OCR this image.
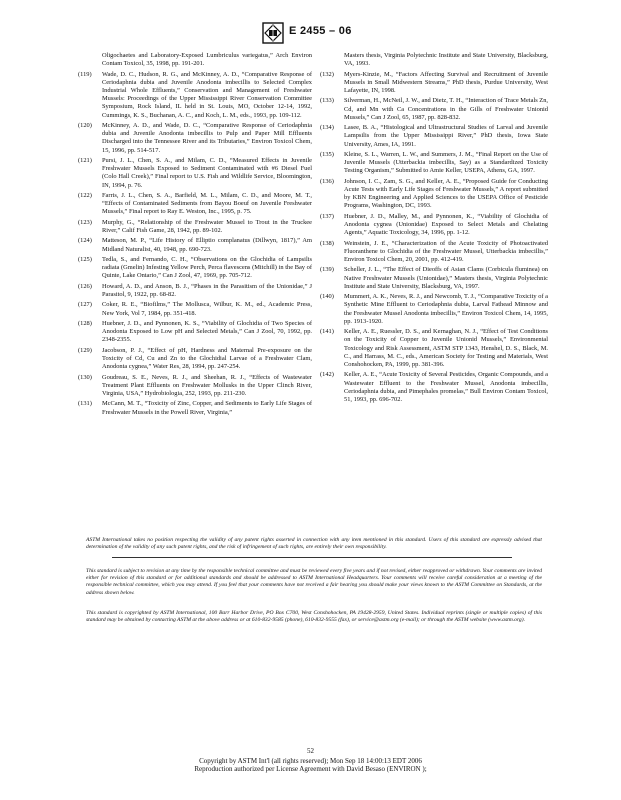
E 2455 – 06
Oligochaetes and Laboratory-Exposed Lumbriculus variegatus,” Arch Environ Contam Toxicol, 35, 1998, pp. 191-201.
(119) Wade, D. C., Hudson, R. G., and McKinney, A. D., “Comparative Response of Ceriodaphnia dubia and Juvenile Anodonta imbecillis to Selected Complex Industrial Whole Effluents,” Conservation and Management of Freshwater Mussels: Proceedings of the Upper Mississippi River Conservation Committee Symposium, Rock Island, IL held in St. Louis, MO, October 12-14, 1992, Cummings, K. S., Buchanan, A. C., and Koch, L. M., eds., 1993, pp. 109-112.
(120) McKinney, A. D., and Wade, D. C., “Comparative Response of Ceriodaphnia dubia and Juvenile Anodonta imbecillis to Pulp and Paper Mill Effluents Discharged into the Tennessee River and its Tributaries,” Environ Toxicol Chem, 15, 1996, pp. 514-517.
(121) Pursi, J. L., Chen, S. A., and Milam, C. D., “Measured Effects in Juvenile Freshwater Mussels Exposed to Sediment Contaminated with #6 Diesel Fuel (Colo Hall Creek),” Final report to U.S. Fish and Wildlife Service, Bloomington, IN, 1994, p. 76.
(122) Farris, J. L., Chen, S. A., Barfield, M. L., Milam, C. D., and Moore, M. T., “Effects of Contaminated Sediments from Bayou Boeuf on Juvenile Freshwater Mussels,” Final report to Ray E. Weston, Inc., 1995, p. 75.
(123) Murphy, G., “Relationship of the Freshwater Mussel to Trout in the Truckee River,” Calif Fish Game, 28, 1942, pp. 89-102.
(124) Matteson, M. P., “Life History of Elliptio complanatus (Dillwyn, 1817),” Am Midland Naturalist, 40, 1948, pp. 690-723.
(125) Tedla, S., and Fernando, C. H., “Observations on the Glochidia of Lampsilis radiata (Gmelin) Infesting Yellow Perch, Perca flavescens (Mitchill) in the Bay of Quinte, Lake Ontario,” Can J Zool, 47, 1969, pp. 705-712.
(126) Howard, A. D., and Anson, B. J., “Phases in the Parasitism of the Unionidae,” J Parasitol, 9, 1922, pp. 68-82.
(127) Coker, R. E., “Biofilms,” The Mollusca, Wilbur, K. M., ed., Academic Press, New York, Vol 7, 1984, pp. 351-418.
(128) Huebner, J. D., and Pynnonen, K. S., “Viability of Glochidia of Two Species of Anodonta Exposed to Low pH and Selected Metals,” Can J Zool, 70, 1992, pp. 2348-2355.
(129) Jacobson, P. J., “Effect of pH, Hardness and Maternal Pre-exposure on the Toxicity of Cd, Cu and Zn to the Glochidial Larvae of a Freshwater Clam, Anodonta cygnea,” Water Res, 28, 1994, pp. 247-254.
(130) Goudreau, S. E., Neves, R. J., and Sheehan, R. J., “Effects of Wastewater Treatment Plant Effluents on Freshwater Mollusks in the Upper Clinch River, Virginia, USA,” Hydrobiologia, 252, 1993, pp. 211-230.
(131) McCann, M. T., “Toxicity of Zinc, Copper, and Sediments to Early Life Stages of Freshwater Mussels in the Powell River, Virginia,”
Masters thesis, Virginia Polytechnic Institute and State University, Blacksburg, VA, 1993.
(132) Myers-Kinzie, M., “Factors Affecting Survival and Recruitment of Juvenile Mussels in Small Midwestern Streams,” PhD thesis, Purdue University, West Lafayette, IN, 1998.
(133) Silverman, H., McNeil, J. W., and Dietz, T. H., “Interaction of Trace Metals Zn, Cd, and Mn with Ca Concentrations in the Gills of Freshwater Unionid Mussels,” Can J Zool, 65, 1987, pp. 828-832.
(134) Lasee, B. A., “Histological and Ultrastructural Studies of Larval and Juvenile Lampsilis from the Upper Mississippi River,” PhD thesis, Iowa State University, Ames, IA, 1991.
(135) Kleine, S. L., Warren, L. W., and Summers, J. M., “Final Report on the Use of Juvenile Mussels (Utterbackia imbecillis, Say) as a Standardized Toxicity Testing Organism,” Submitted to Amie Keller, USEPA, Athens, GA, 1997.
(136) Johnson, I. C., Zam, S. G., and Keller, A. E., “Proposed Guide for Conducting Acute Tests with Early Life Stages of Freshwater Mussels,” A report submitted by KBN Engineering and Applied Sciences to the USEPA Office of Pesticide Programs, Washington, DC, 1993.
(137) Huebner, J. D., Malley, M., and Pynnonen, K., “Viability of Glochidia of Anodonta cygnea (Unionidae) Exposed to Select Metals and Chelating Agents,” Aquatic Toxicology, 34, 1996, pp. 1-12.
(138) Weinstein, J. E., “Characterization of the Acute Toxicity of Photoactivated Fluoranthene to Glochidia of the Freshwater Mussel, Utterbackia imbecillis,” Environ Toxicol Chem, 20, 2001, pp. 412-419.
(139) Scheller, J. L., “The Effect of Dieoffs of Asian Clams (Corbicula fluminea) on Native Freshwater Mussels (Unionidae),” Masters thesis, Virginia Polytechnic Institute and State University, Blacksburg, VA, 1997.
(140) Mummert, A. K., Neves, R. J., and Newcomb, T. J., “Comparative Toxicity of a Synthetic Mine Effluent to Ceriodaphnia dubia, Larval Fathead Minnow and the Freshwater Mussel Anodonta imbecillis,” Environ Toxicol Chem, 14, 1995, pp. 1913-1920.
(141) Keller, A. E., Ruessler, D. S., and Kernaghan, N. J., “Effect of Test Conditions on the Toxicity of Copper to Juvenile Unionid Mussels,” Environmental Toxicology and Risk Assessment, ASTM STP 1343, Henshel, D. S., Black, M. C., and Harrass, M. C., eds., American Society for Testing and Materials, West Conshohocken, PA, 1999, pp. 381-396.
(142) Keller, A. E., “Acute Toxicity of Several Pesticides, Organic Compounds, and a Wastewater Effluent to the Freshwater Mussel, Anodonta imbecillis, Ceriodaphnia dubia, and Pimephales promelas,” Bull Environ Contam Toxicol, 51, 1993, pp. 696-702.
ASTM International takes no position respecting the validity of any patent rights asserted in connection with any item mentioned in this standard. Users of this standard are expressly advised that determination of the validity of any such patent rights, and the risk of infringement of such rights, are entirely their own responsibility.
This standard is subject to revision at any time by the responsible technical committee and must be reviewed every five years and if not revised, either reapproved or withdrawn. Your comments are invited either for revision of this standard or for additional standards and should be addressed to ASTM International Headquarters. Your comments will receive careful consideration at a meeting of the responsible technical committee, which you may attend. If you feel that your comments have not received a fair hearing you should make your views known to the ASTM Committee on Standards, at the address shown below.
This standard is copyrighted by ASTM International, 100 Barr Harbor Drive, PO Box C700, West Conshohocken, PA 19428-2959, United States. Individual reprints (single or multiple copies) of this standard may be obtained by contacting ASTM at the above address or at 610-832-9585 (phone), 610-832-9555 (fax), or service@astm.org (e-mail); or through the ASTM website (www.astm.org).
52
Copyright by ASTM Int'l (all rights reserved); Mon Sep 18 14:00:13 EDT 2006
Reproduction authorized per License Agreement with David Besaso (ENVIRON );
